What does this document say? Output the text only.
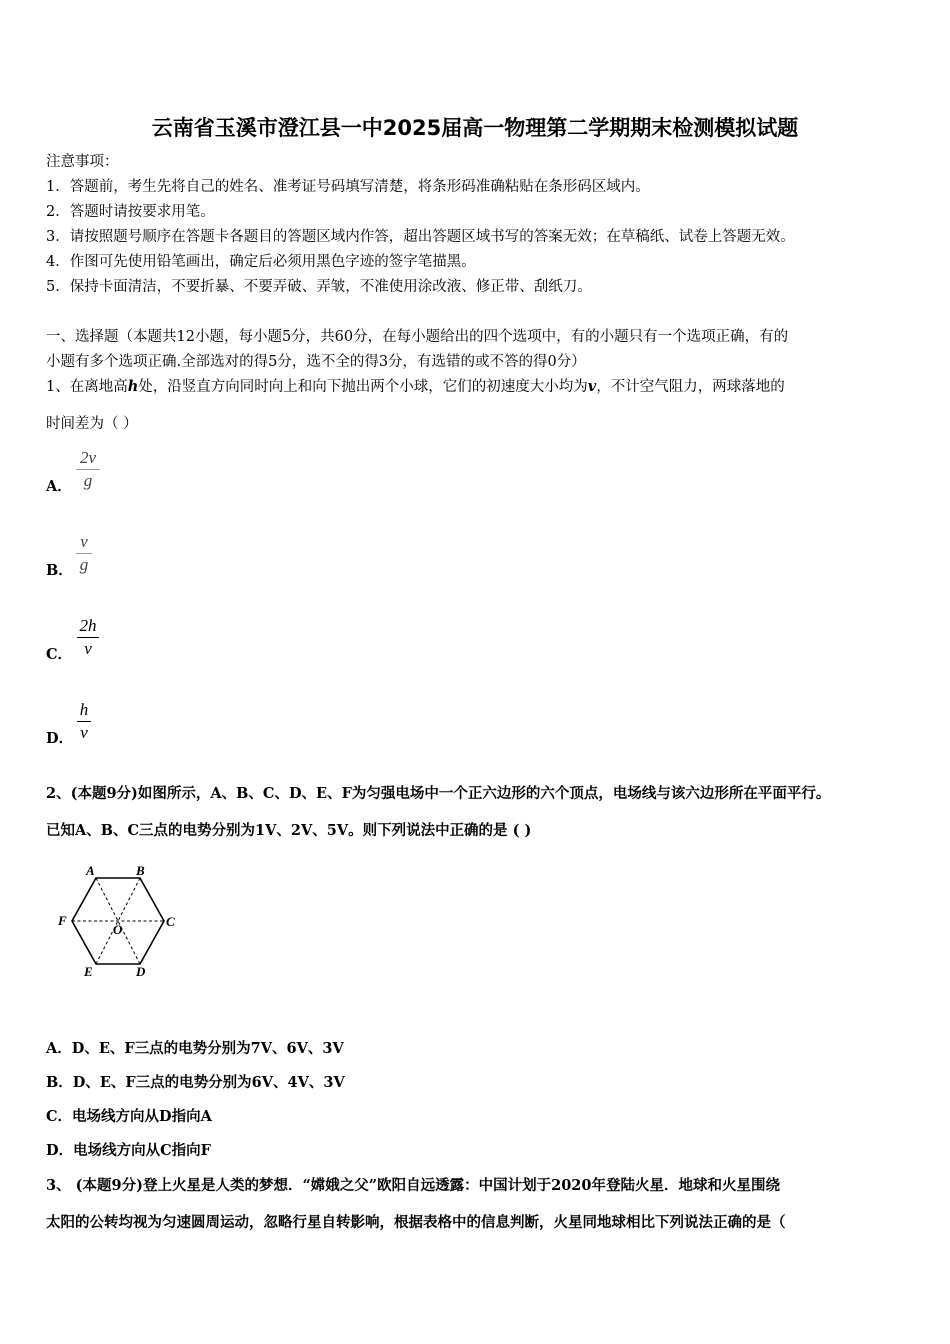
云南省玉溪市澄江县一中2025届高一物理第二学期期末检测模拟试题
注意事项：
1．答题前，考生先将自己的姓名、准考证号码填写清楚，将条形码准确粘贴在条形码区域内。
2．答题时请按要求用笔。
3．请按照题号顺序在答题卡各题目的答题区域内作答，超出答题区域书写的答案无效；在草稿纸、试卷上答题无效。
4．作图可先使用铅笔画出，确定后必须用黑色字迹的签字笔描黑。
5．保持卡面清洁，不要折暴、不要弄破、弄皱，不准使用涂改液、修正带、刮纸刀。
一、选择题（本题共12小题，每小题5分，共60分，在每小题给出的四个选项中，有的小题只有一个选项正确，有的
小题有多个选项正确.全部选对的得5分，选不全的得3分，有选错的或不答的得0分）
1、在离地高h处，沿竖直方向同时向上和向下抛出两个小球，它们的初速度大小均为v，不计空气阻力，两球落地的
时间差为（ ）
A．
2v
g
B．
v
g
C．
2h
v
D．
h
v
2、(本题9分)如图所示，A、B、C、D、E、F为匀强电场中一个正六边形的六个顶点，电场线与该六边形所在平面平行。
已知A、B、C三点的电势分别为1V、2V、5V。则下列说法中正确的是 ( )
A	B
C
D
E
F
O
A．D、E、F三点的电势分别为7V、6V、3V
B．D、E、F三点的电势分别为6V、4V、3V
C．电场线方向从D指向A
D．电场线方向从C指向F
3、 (本题9分)登上火星是人类的梦想．“嫦娥之父”欧阳自远透露：中国计划于2020年登陆火星．地球和火星围绕
太阳的公转均视为匀速圆周运动，忽略行星自转影响，根据表格中的信息判断，火星同地球相比下列说法正确的是（
